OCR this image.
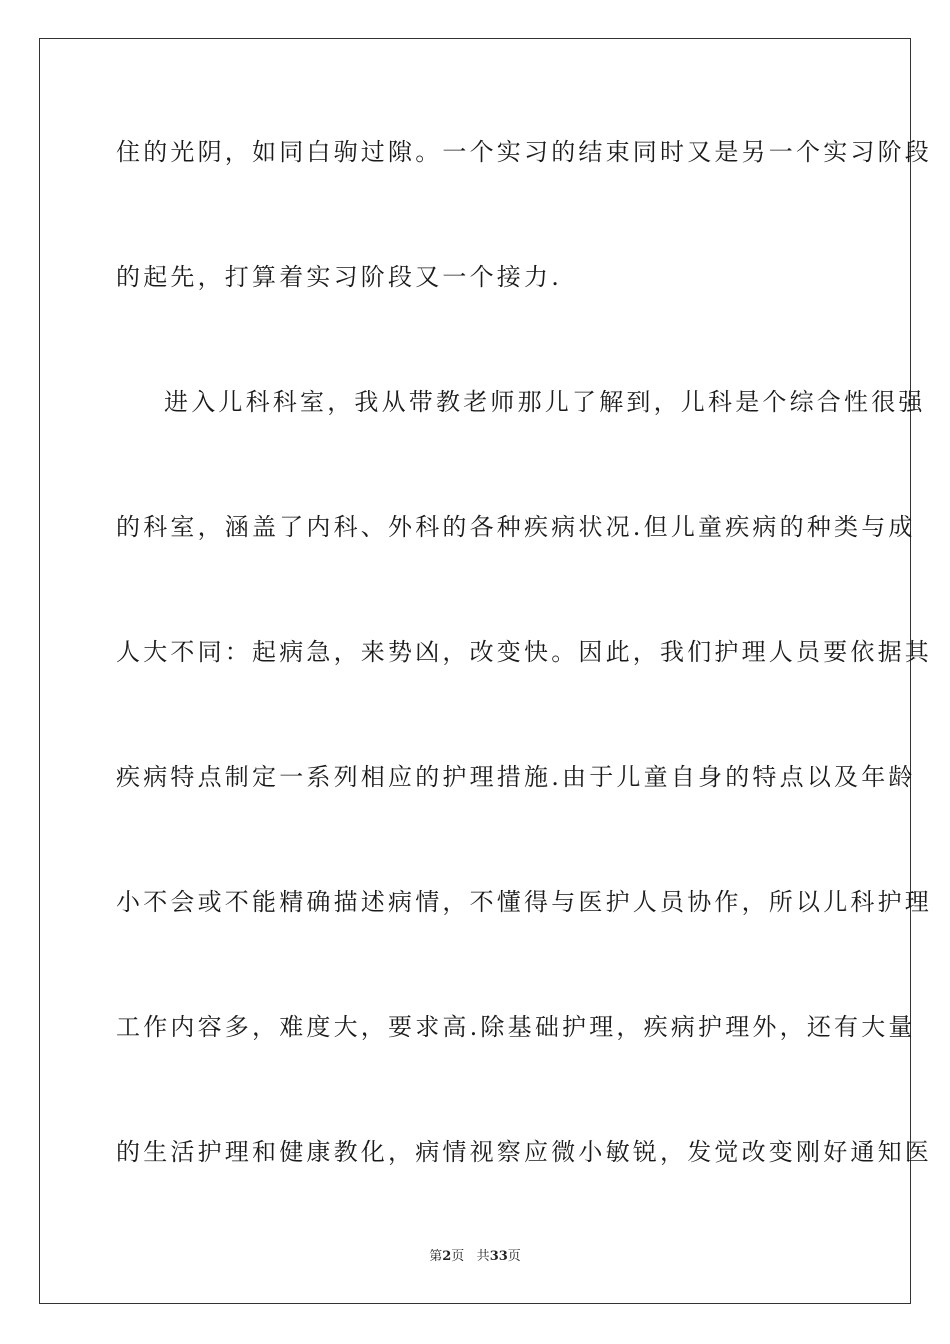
住的光阴，如同白驹过隙。一个实习的结束同时又是另一个实习阶段
的起先，打算着实习阶段又一个接力.
进入儿科科室，我从带教老师那儿了解到，儿科是个综合性很强
的科室，涵盖了内科、外科的各种疾病状况.但儿童疾病的种类与成
人大不同：起病急，来势凶，改变快。因此，我们护理人员要依据其
疾病特点制定一系列相应的护理措施.由于儿童自身的特点以及年龄
小不会或不能精确描述病情，不懂得与医护人员协作，所以儿科护理
工作内容多，难度大，要求高.除基础护理，疾病护理外，还有大量
的生活护理和健康教化，病情视察应微小敏锐，发觉改变刚好通知医
第2页 共33页
